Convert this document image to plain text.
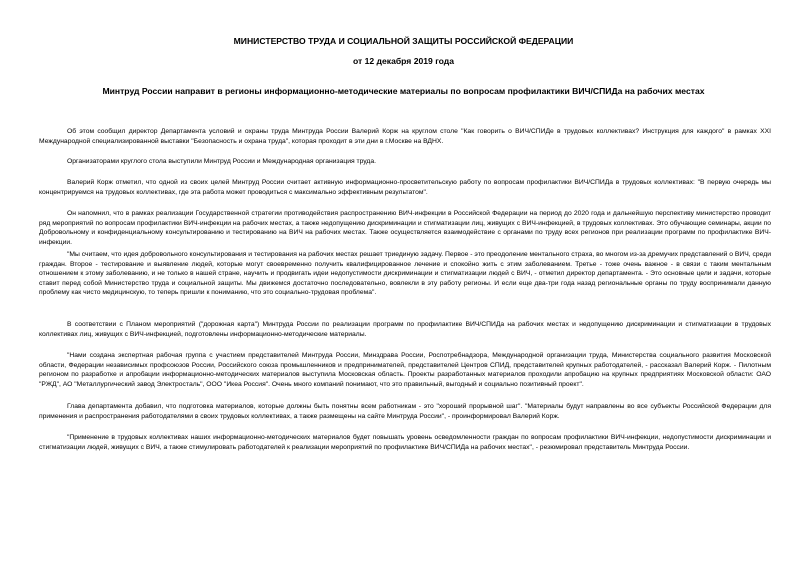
МИНИСТЕРСТВО ТРУДА И СОЦИАЛЬНОЙ ЗАЩИТЫ РОССИЙСКОЙ ФЕДЕРАЦИИ
от 12 декабря 2019 года
Минтруд России направит в регионы информационно-методические материалы по вопросам профилактики ВИЧ/СПИДа на рабочих местах

Об этом сообщил директор Департамента условий и охраны труда Минтруда России Валерий Корж на круглом столе "Как говорить о ВИЧ/СПИДе в трудовых коллективах? Инструкция для каждого" в рамках XXI Международной специализированной выставки "Безопасность и охрана труда", которая проходит в эти дни в г.Москве на ВДНХ.

Организаторами круглого стола выступили Минтруд России и Международная организация труда.

Валерий Корж отметил, что одной из своих целей Минтруд России считает активную информационно-просветительскую работу по вопросам профилактики ВИЧ/СПИДа в трудовых коллективах: "В первую очередь мы концентрируемся на трудовых коллективах, где эта работа может проводиться с максимально эффективным результатом".

Он напомнил, что в рамках реализации Государственной стратегии противодействия распространению ВИЧ-инфекции в Российской Федерации на период до 2020 года и дальнейшую перспективу министерство проводит ряд мероприятий по вопросам профилактики ВИЧ-инфекции на рабочих местах, а также недопущению дискриминации и стигматизации лиц, живущих с ВИЧ-инфекцией, в трудовых коллективах. Это обучающие семинары, акции по Добровольному и конфиденциальному консультированию и тестированию на ВИЧ на рабочих местах. Также осуществляется взаимодействие с органами по труду всех регионов при реализации программ по профилактике ВИЧ-инфекции.

"Мы считаем, что идея добровольного консультирования и тестирования на рабочих местах решает триединую задачу. Первое - это преодоление ментального страха, во многом из-за дремучих представлений о ВИЧ, среди граждан. Второе - тестирование и выявление людей, которые могут своевременно получить квалифицированное лечение и спокойно жить с этим заболеванием. Третье - тоже очень важное - в связи с таким ментальным отношением к этому заболеванию, и не только в нашей стране, научить и продвигать идеи недопустимости дискриминации и стигматизации людей с ВИЧ, - отметил директор департамента. - Это основные цели и задачи, которые ставит перед собой Министерство труда и социальной защиты. Мы движемся достаточно последовательно, вовлекли в эту работу регионы. И если еще два-три года назад региональные органы по труду воспринимали данную проблему как чисто медицинскую, то теперь пришли к пониманию, что это социально-трудовая проблема".

В соответствии с Планом мероприятий ("дорожная карта") Минтруда России по реализации программ по профилактике ВИЧ/СПИДа на рабочих местах и недопущению дискриминации и стигматизации в трудовых коллективах лиц, живущих с ВИЧ-инфекцией, подготовлены информационно-методические материалы.

"Нами создана экспертная рабочая группа с участием представителей Минтруда России, Минздрава России, Роспотребнадзора, Международной организации труда, Министерства социального развития Московской области, Федерации независимых профсоюзов России, Российского союза промышленников и предпринимателей, представителей Центров СПИД, представителей крупных работодателей, - рассказал Валерий Корж. - Пилотным регионом по разработке и апробации информационно-методических материалов выступила Московская область. Проекты разработанных материалов проходили апробацию на крупных предприятиях Московской области: ОАО "РЖД", АО "Металлургический завод Электросталь", ООО "Икеа Россия". Очень много компаний понимают, что это правильный, выгодный и социально позитивный проект".

Глава департамента добавил, что подготовка материалов, которые должны быть понятны всем работникам - это "хороший прорывной шаг". "Материалы будут направлены во все субъекты Российской Федерации для применения и распространения работодателями в своих трудовых коллективах, а также размещены на сайте Минтруда России", - проинформировал Валерий Корж.

"Применение в трудовых коллективах наших информационно-методических материалов будет повышать уровень осведомленности граждан по вопросам профилактики ВИЧ-инфекции, недопустимости дискриминации и стигматизации людей, живущих с ВИЧ, а также стимулировать работодателей к реализации мероприятий по профилактике ВИЧ/СПИДа на рабочих местах", - резюмировал представитель Минтруда России.
